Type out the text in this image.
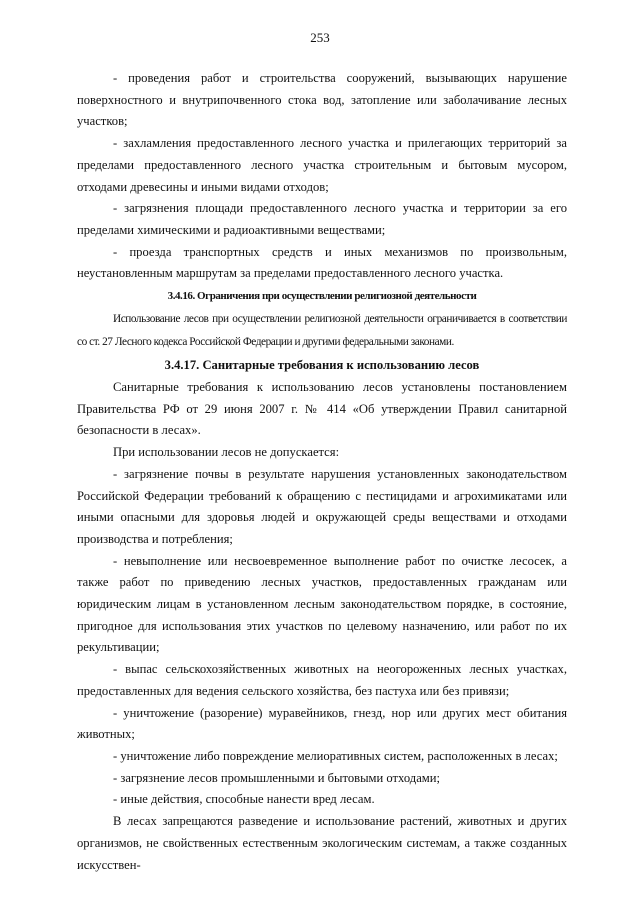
253

- проведения работ и строительства сооружений, вызывающих нарушение поверхностного и внутрипочвенного стока вод, затопление или заболачивание лесных участков;

- захламления предоставленного лесного участка и прилегающих территорий за пределами предоставленного лесного участка строительным и бытовым мусором, отходами древесины и иными видами отходов;

- загрязнения площади предоставленного лесного участка и территории за его пределами химическими и радиоактивными веществами;

- проезда транспортных средств и иных механизмов по произвольным, неустановленным маршрутам за пределами предоставленного лесного участка.

3.4.16. Ограничения при осуществлении религиозной деятельности

Использование лесов при осуществлении религиозной деятельности ограничивается в соответствии со ст. 27 Лесного кодекса Российской Федерации и другими федеральными законами.

3.4.17. Санитарные требования к использованию лесов

Санитарные требования к использованию лесов установлены постановлением Правительства РФ от 29 июня 2007 г. № 414 «Об утверждении Правил санитарной безопасности в лесах».

При использовании лесов не допускается:

- загрязнение почвы в результате нарушения установленных законодательством Российской Федерации требований к обращению с пестицидами и агрохимикатами или иными опасными для здоровья людей и окружающей среды веществами и отходами производства и потребления;

- невыполнение или несвоевременное выполнение работ по очистке лесосек, а также работ по приведению лесных участков, предоставленных гражданам или юридическим лицам в установленном лесным законодательством порядке, в состояние, пригодное для использования этих участков по целевому назначению, или работ по их рекультивации;

- выпас сельскохозяйственных животных на неогороженных лесных участках, предоставленных для ведения сельского хозяйства, без пастуха или без привязи;

- уничтожение (разорение) муравейников, гнезд, нор или других мест обитания животных;

- уничтожение либо повреждение мелиоративных систем, расположенных в лесах;

- загрязнение лесов промышленными и бытовыми отходами;

- иные действия, способные нанести вред лесам.

В лесах запрещаются разведение и использование растений, животных и других организмов, не свойственных естественным экологическим системам, а также созданных искусствен-
